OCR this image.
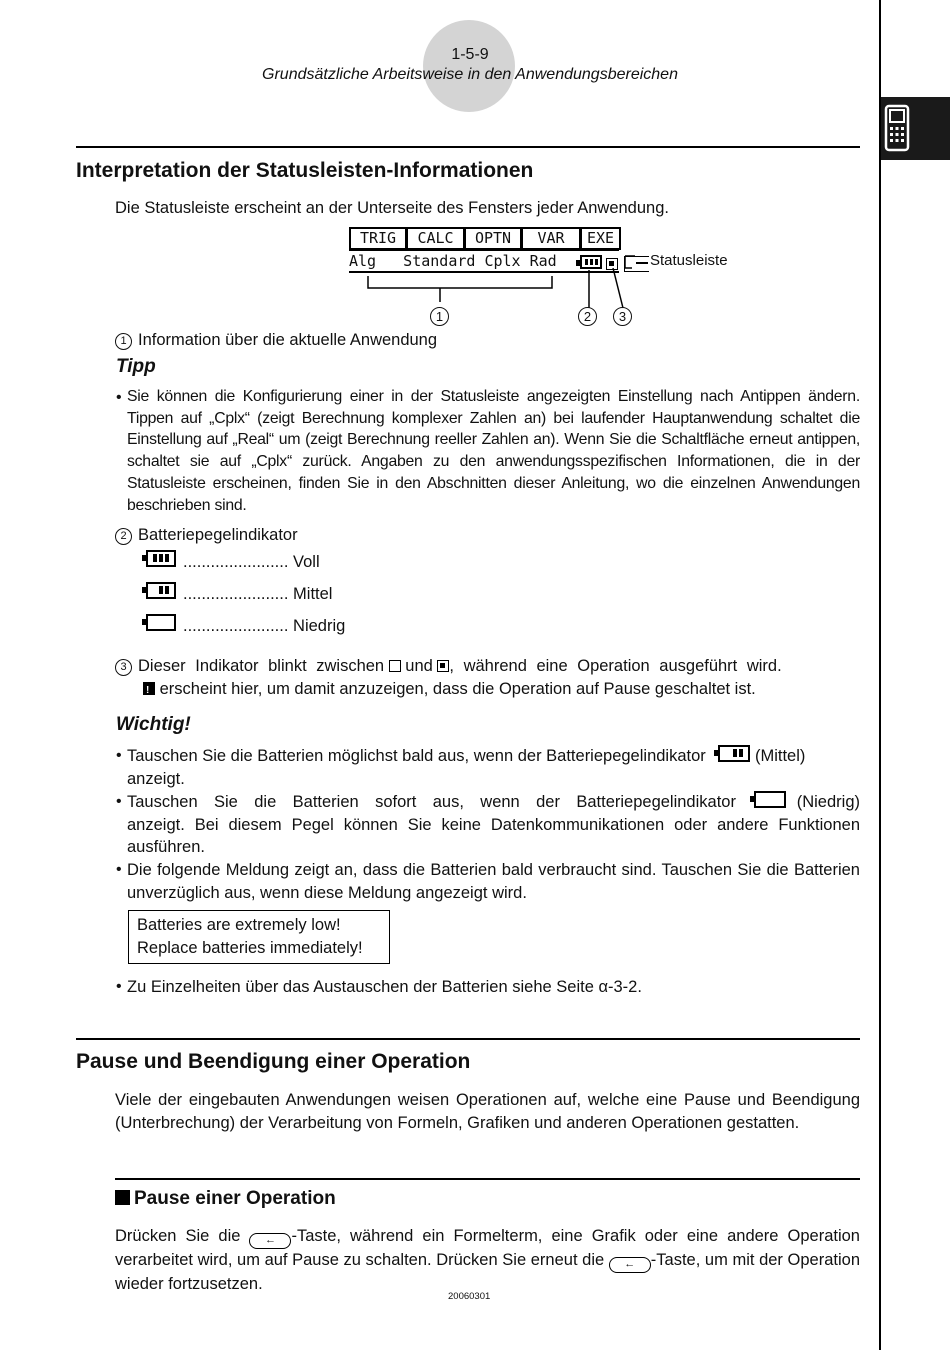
1-5-9
Grundsätzliche Arbeitsweise in den Anwendungsbereichen
Interpretation der Statusleisten-Informationen
Die Statusleiste erscheint an der Unterseite des Fensters jeder Anwendung.
TRIG	CALC	OPTN	VAR	EXE
Alg   Standard Cplx Rad	Statusleiste
1	2	3
1 Information über die aktuelle Anwendung
Tipp
• Sie können die Konfigurierung einer in der Statusleiste angezeigten Einstellung nach Antippen ändern. Tippen auf „Cplx“ (zeigt Berechnung komplexer Zahlen an) bei laufender Hauptanwendung schaltet die Einstellung auf „Real“ um (zeigt Berechnung reeller Zahlen an). Wenn Sie die Schaltfläche erneut antippen, schaltet sie auf „Cplx“ zurück. Angaben zu den anwendungsspezifischen Informationen, die in der Statusleiste erscheinen, finden Sie in den Abschnitten dieser Anleitung, wo die einzelnen Anwendungen beschrieben sind.
2 Batteriepegelindikator
....................... Voll
....................... Mittel
....................... Niedrig
3 Dieser Indikator blinkt zwischen und , während eine Operation ausgeführt wird.
! erscheint hier, um damit anzuzeigen, dass die Operation auf Pause geschaltet ist.
Wichtig!
• Tauschen Sie die Batterien möglichst bald aus, wenn der Batteriepegelindikator	(Mittel)
anzeigt.
• Tauschen Sie die Batterien sofort aus, wenn der Batteriepegelindikator	(Niedrig) anzeigt. Bei diesem Pegel können Sie keine Datenkommunikationen oder andere Funktionen ausführen.
• Die folgende Meldung zeigt an, dass die Batterien bald verbraucht sind. Tauschen Sie die Batterien unverzüglich aus, wenn diese Meldung angezeigt wird.
Batteries are extremely low!
Replace batteries immediately!
• Zu Einzelheiten über das Austauschen der Batterien siehe Seite α-3-2.
Pause und Beendigung einer Operation
Viele der eingebauten Anwendungen weisen Operationen auf, welche eine Pause und Beendigung (Unterbrechung) der Verarbeitung von Formeln, Grafiken und anderen Operationen gestatten.
Pause einer Operation
Drücken Sie die ← -Taste, während ein Formelterm, eine Grafik oder eine andere Operation verarbeitet wird, um auf Pause zu schalten. Drücken Sie erneut die ← -Taste, um mit der Operation wieder fortzusetzen.
20060301
